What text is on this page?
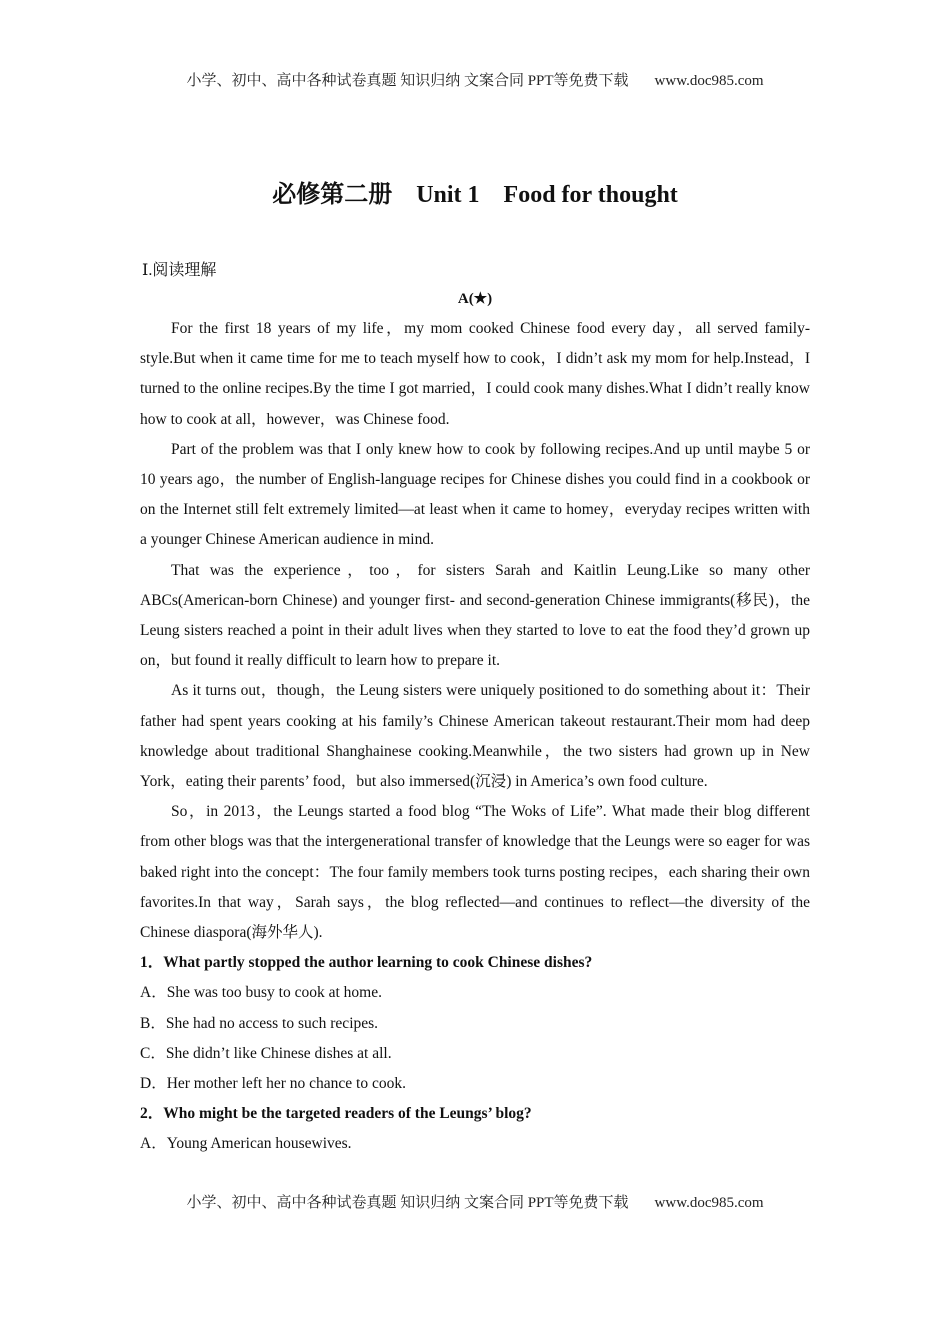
小学、初中、高中各种试卷真题 知识归纳 文案合同 PPT等免费下载 www.doc985.com
必修第二册    Unit 1    Food for thought
Ⅰ.阅读理解
A(★)

For the first 18 years of my life，my mom cooked Chinese food every day，all served family-style.But when it came time for me to teach myself how to cook，I didn’t ask my mom for help.Instead，I turned to the online recipes.By the time I got married，I could cook many dishes.What I didn’t really know how to cook at all，however，was Chinese food.

Part of the problem was that I only knew how to cook by following recipes.And up until maybe 5 or 10 years ago，the number of English-language recipes for Chinese dishes you could find in a cookbook or on the Internet still felt extremely limited—at least when it came to homey，everyday recipes written with a younger Chinese American audience in mind.

That was the experience，too，for sisters Sarah and Kaitlin Leung.Like so many other ABCs(American-born Chinese) and younger first- and second-generation Chinese immigrants(移民)，the Leung sisters reached a point in their adult lives when they started to love to eat the food they’d grown up on，but found it really difficult to learn how to prepare it.

As it turns out，though，the Leung sisters were uniquely positioned to do something about it：Their father had spent years cooking at his family’s Chinese American takeout restaurant.Their mom had deep knowledge about traditional Shanghainese cooking.Meanwhile，the two sisters had grown up in New York，eating their parents’ food，but also immersed(沉浸) in America’s own food culture.

So，in 2013，the Leungs started a food blog “The Woks of Life”. What made their blog different from other blogs was that the intergenerational transfer of knowledge that the Leungs were so eager for was baked right into the concept：The four family members took turns posting recipes，each sharing their own favorites.In that way，Sarah says，the blog reflected—and continues to reflect—the diversity of the Chinese diaspora(海外华人).

1．What partly stopped the author learning to cook Chinese dishes?
A．She was too busy to cook at home.
B．She had no access to such recipes.
C．She didn’t like Chinese dishes at all.
D．Her mother left her no chance to cook.
2．Who might be the targeted readers of the Leungs’ blog?
A．Young American housewives.
小学、初中、高中各种试卷真题 知识归纳 文案合同 PPT等免费下载 www.doc985.com
